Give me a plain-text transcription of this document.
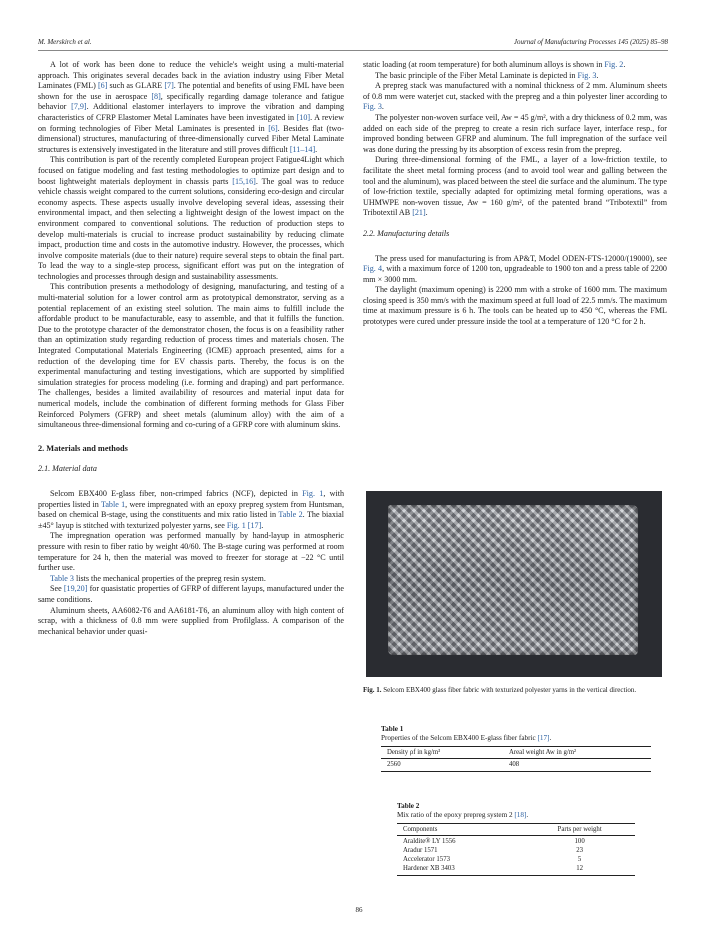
M. Merskirch et al.	Journal of Manufacturing Processes 145 (2025) 85–98

A lot of work has been done to reduce the vehicle's weight using a multi-material approach. This originates several decades back in the aviation industry using Fiber Metal Laminates (FML) [6] such as GLARE [7]. The potential and benefits of using FML have been shown for the use in aerospace [8], specifically regarding damage tolerance and fatigue behavior [7,9]. Additional elastomer interlayers to improve the vibration and damping characteristics of CFRP Elastomer Metal Laminates have been investigated in [10]. A review on forming technologies of Fiber Metal Laminates is presented in [6]. Besides flat (two-dimensional) structures, manufacturing of three-dimensionally curved Fiber Metal Laminate structures is extensively investigated in the literature and still proves difficult [11–14].

This contribution is part of the recently completed European project Fatigue4Light which focused on fatigue modeling and fast testing methodologies to optimize part design and to boost lightweight materials deployment in chassis parts [15,16]. The goal was to reduce vehicle chassis weight compared to the current solutions, considering eco-design and circular economy aspects. These aspects usually involve developing several ideas, assessing their environmental impact, and then selecting a lightweight design of the lowest impact on the environment compared to conventional solutions. The reduction of production steps to develop multi-materials is crucial to increase product sustainability by reducing climate impact, production time and costs in the automotive industry. However, the processes, which involve composite materials (due to their nature) require several steps to obtain the final part. To lead the way to a single-step process, significant effort was put on the integration of technologies and processes through design and sustainability assessments.

This contribution presents a methodology of designing, manufacturing, and testing of a multi-material solution for a lower control arm as prototypical demonstrator, serving as a potential replacement of an existing steel solution. The main aims to fulfill include the affordable product to be manufacturable, easy to assemble, and that it fulfills the function. Due to the prototype character of the demonstrator chosen, the focus is on a feasibility rather than an optimization study regarding reduction of process times and materials chosen. The Integrated Computational Materials Engineering (ICME) approach presented, aims for a reduction of the developing time for EV chassis parts. Thereby, the focus is on the experimental manufacturing and testing investigations, which are supported by simplified simulation strategies for process modeling (i.e. forming and draping) and part performance. The challenges, besides a limited availability of resources and material input data for numerical models, include the combination of different forming methods for Glass Fiber Reinforced Polymers (GFRP) and sheet metals (aluminum alloy) with the aim of a simultaneous three-dimensional forming and co-curing of a GFRP core with aluminum skins.

2. Materials and methods
2.1. Material data

Selcom EBX400 E-glass fiber, non-crimped fabrics (NCF), depicted in Fig. 1, with properties listed in Table 1, were impregnated with an epoxy prepreg system from Huntsman, based on chemical B-stage, using the constituents and mix ratio listed in Table 2. The biaxial ±45° layup is stitched with texturized polyester yarns, see Fig. 1 [17].

The impregnation operation was performed manually by hand-layup in atmospheric pressure with resin to fiber ratio by weight 40/60. The B-stage curing was performed at room temperature for 24 h, then the material was moved to freezer for storage at −22 °C until further use.

Table 3 lists the mechanical properties of the prepreg resin system.

See [19,20] for quasistatic properties of GFRP of different layups, manufactured under the same conditions.

Aluminum sheets, AA6082-T6 and AA6181-T6, an aluminum alloy with high content of scrap, with a thickness of 0.8 mm were supplied from Profilglass. A comparison of the mechanical behavior under quasi-

static loading (at room temperature) for both aluminum alloys is shown in Fig. 2.

The basic principle of the Fiber Metal Laminate is depicted in Fig. 3.

A prepreg stack was manufactured with a nominal thickness of 2 mm. Aluminum sheets of 0.8 mm were waterjet cut, stacked with the prepreg and a thin polyester liner according to Fig. 3.

The polyester non-woven surface veil, Aw = 45 g/m², with a dry thickness of 0.2 mm, was added on each side of the prepreg to create a resin rich surface layer, interface resp., for improved bonding between GFRP and aluminum. The full impregnation of the surface veil was done during the pressing by its absorption of excess resin from the prepreg.

During three-dimensional forming of the FML, a layer of a low-friction textile, to facilitate the sheet metal forming process (and to avoid tool wear and galling between the tool and the aluminum), was placed between the steel die surface and the aluminum. The type of low-friction textile, specially adapted for optimizing metal forming operations, was a UHMWPE non-woven tissue, Aw = 160 g/m², of the patented brand “Tribotextil” from Tribotextil AB [21].

2.2. Manufacturing details

The press used for manufacturing is from AP&T, Model ODEN-FTS-12000/(19000), see Fig. 4, with a maximum force of 1200 ton, upgradeable to 1900 ton and a press table of 2200 mm × 3000 mm.

The daylight (maximum opening) is 2200 mm with a stroke of 1600 mm. The maximum closing speed is 350 mm/s with the maximum speed at full load of 22.5 mm/s. The maximum time at maximum pressure is 6 h. The tools can be heated up to 450 °C, whereas the FML prototypes were cured under pressure inside the tool at a temperature of 120 °C for 2 h.

Fig. 1. Selcom EBX400 glass fiber fabric with texturized polyester yarns in the vertical direction.
Table 1
Properties of the Selcom EBX400 E-glass fiber fabric [17].
Density ρf in kg/m³	Areal weight Aw in g/m²
2560	408
Table 2
Mix ratio of the epoxy prepreg system 2 [18].
Components	Parts per weight
Araldite® LY 1556	100
Aradur 1571	23
Accelerator 1573	5
Hardener XB 3403	12
86
